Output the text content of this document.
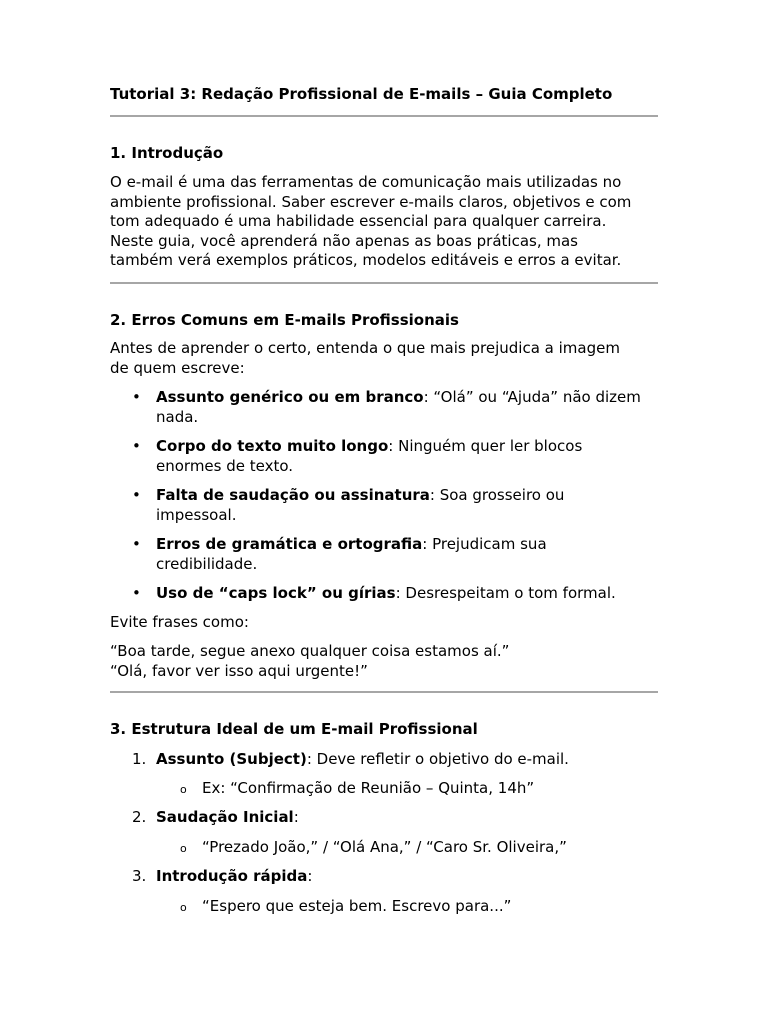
Tutorial 3: Redação Profissional de E-mails – Guia Completo
1. Introdução
O e-mail é uma das ferramentas de comunicação mais utilizadas no
ambiente profissional. Saber escrever e-mails claros, objetivos e com
tom adequado é uma habilidade essencial para qualquer carreira.
Neste guia, você aprenderá não apenas as boas práticas, mas
também verá exemplos práticos, modelos editáveis e erros a evitar.
2. Erros Comuns em E-mails Profissionais
Antes de aprender o certo, entenda o que mais prejudica a imagem
de quem escreve:
• Assunto genérico ou em branco: “Olá” ou “Ajuda” não dizem
nada.
• Corpo do texto muito longo: Ninguém quer ler blocos
enormes de texto.
• Falta de saudação ou assinatura: Soa grosseiro ou
impessoal.
• Erros de gramática e ortografia: Prejudicam sua
credibilidade.
• Uso de “caps lock” ou gírias: Desrespeitam o tom formal.
Evite frases como:
“Boa tarde, segue anexo qualquer coisa estamos aí.”
“Olá, favor ver isso aqui urgente!”
3. Estrutura Ideal de um E-mail Profissional
1. Assunto (Subject): Deve refletir o objetivo do e-mail.
o Ex: “Confirmação de Reunião – Quinta, 14h”
2. Saudação Inicial:
o “Prezado João,” / “Olá Ana,” / “Caro Sr. Oliveira,”
3. Introdução rápida:
o “Espero que esteja bem. Escrevo para...”
